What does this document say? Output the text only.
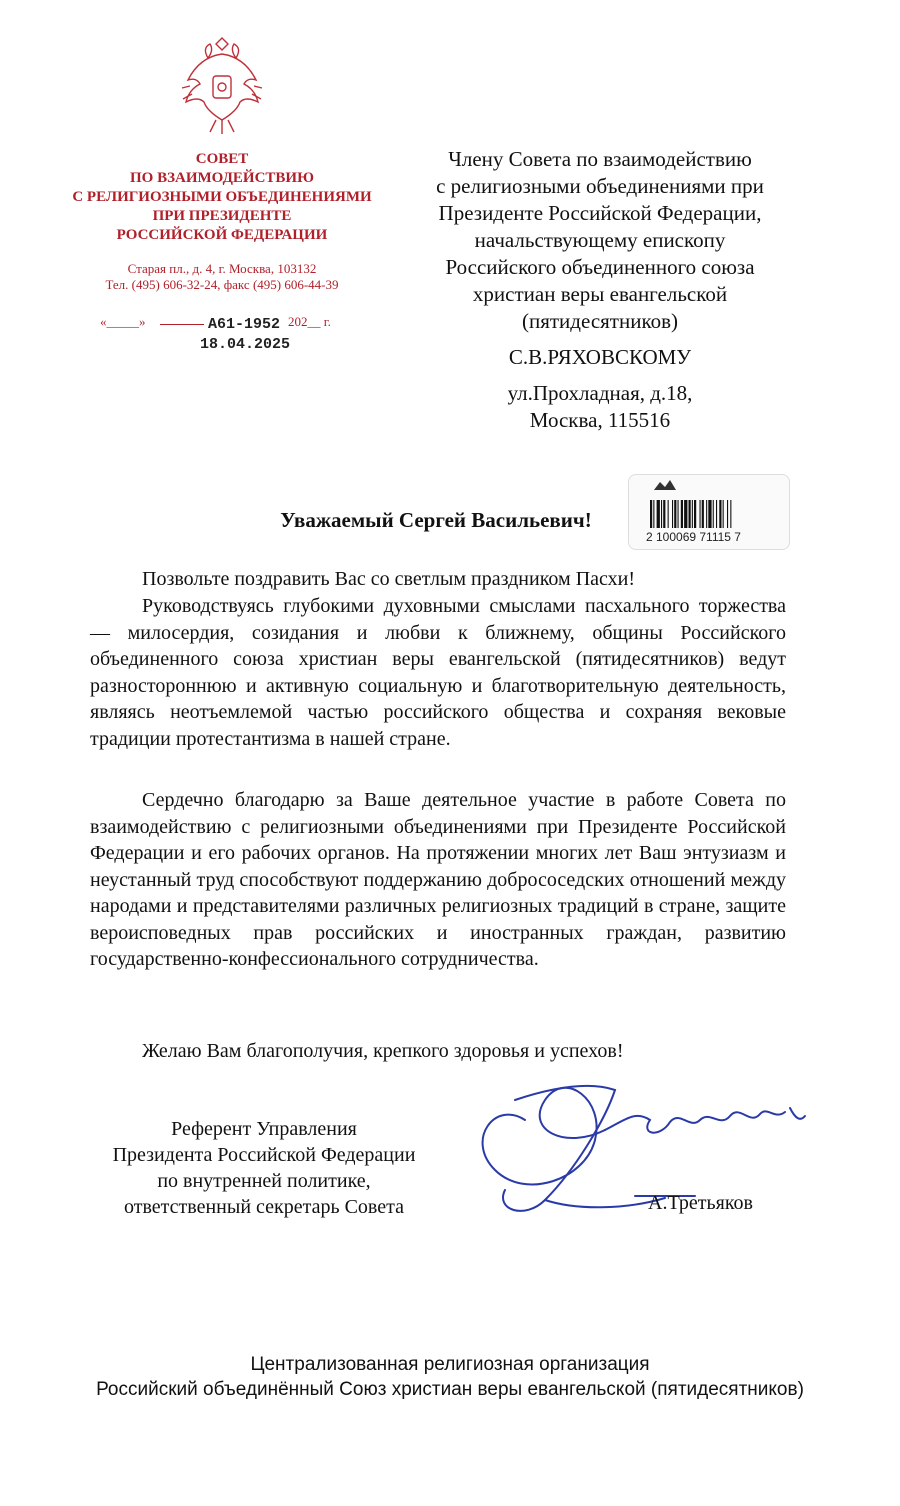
СОВЕТ
ПО ВЗАИМОДЕЙСТВИЮ
С РЕЛИГИОЗНЫМИ ОБЪЕДИНЕНИЯМИ
ПРИ ПРЕЗИДЕНТЕ
РОССИЙСКОЙ ФЕДЕРАЦИИ
Старая пл., д. 4, г. Москва, 103132
Тел. (495) 606-32-24, факс (495) 606-44-39
«_____»	202__ г.
А61-1952
18.04.2025
Члену Совета по взаимодействию
с религиозными объединениями при
Президенте Российской Федерации,
начальствующему епископу
Российского объединенного союза
христиан веры евангельской
(пятидесятников)
С.В.РЯХОВСКОМУ
ул.Прохладная, д.18,
Москва, 115516
2 100069 71115 7
Уважаемый Сергей Васильевич!
Позвольте поздравить Вас со светлым праздником Пасхи!
Руководствуясь глубокими духовными смыслами пасхального торжества — милосердия, созидания и любви к ближнему, общины Российского объединенного союза христиан веры евангельской (пятидесятников) ведут разностороннюю и активную социальную и благотворительную деятельность, являясь неотъемлемой частью российского общества и сохраняя вековые традиции протестантизма в нашей стране.
Сердечно благодарю за Ваше деятельное участие в работе Совета по взаимодействию с религиозными объединениями при Президенте Российской Федерации и его рабочих органов. На протяжении многих лет Ваш энтузиазм и неустанный труд способствуют поддержанию добрососедских отношений между народами и представителями различных религиозных традиций в стране, защите вероисповедных прав российских и иностранных граждан, развитию государственно-конфессионального сотрудничества.
Желаю Вам благополучия, крепкого здоровья и успехов!
Референт Управления
Президента Российской Федерации
по внутренней политике,
ответственный секретарь Совета	А.Третьяков
Централизованная религиозная организация
Российский объединённый Союз христиан веры евангельской (пятидесятников)
